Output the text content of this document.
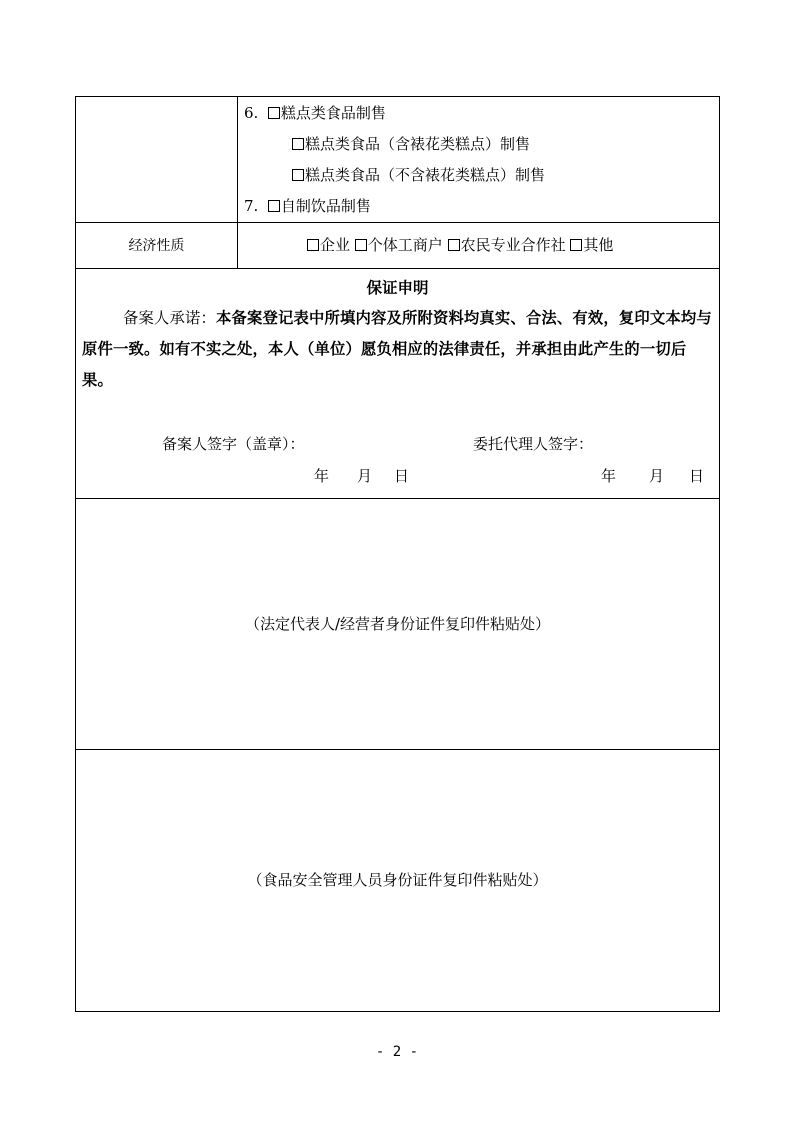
6. 糕点类食品制售
糕点类食品（含裱花类糕点）制售
糕点类食品（不含裱花类糕点）制售
7. 自制饮品制售
经济性质	企业 个体工商户 农民专业合作社 其他
保证申明
备案人承诺：本备案登记表中所填内容及所附资料均真实、合法、有效，复印文本均与原件一致。如有不实之处，本人（单位）愿负相应的法律责任，并承担由此产生的一切后果。
备案人签字（盖章）：	委托代理人签字：
年 月 日	年 月 日
（法定代表人/经营者身份证件复印件粘贴处）
（食品安全管理人员身份证件复印件粘贴处）
- 2 -
